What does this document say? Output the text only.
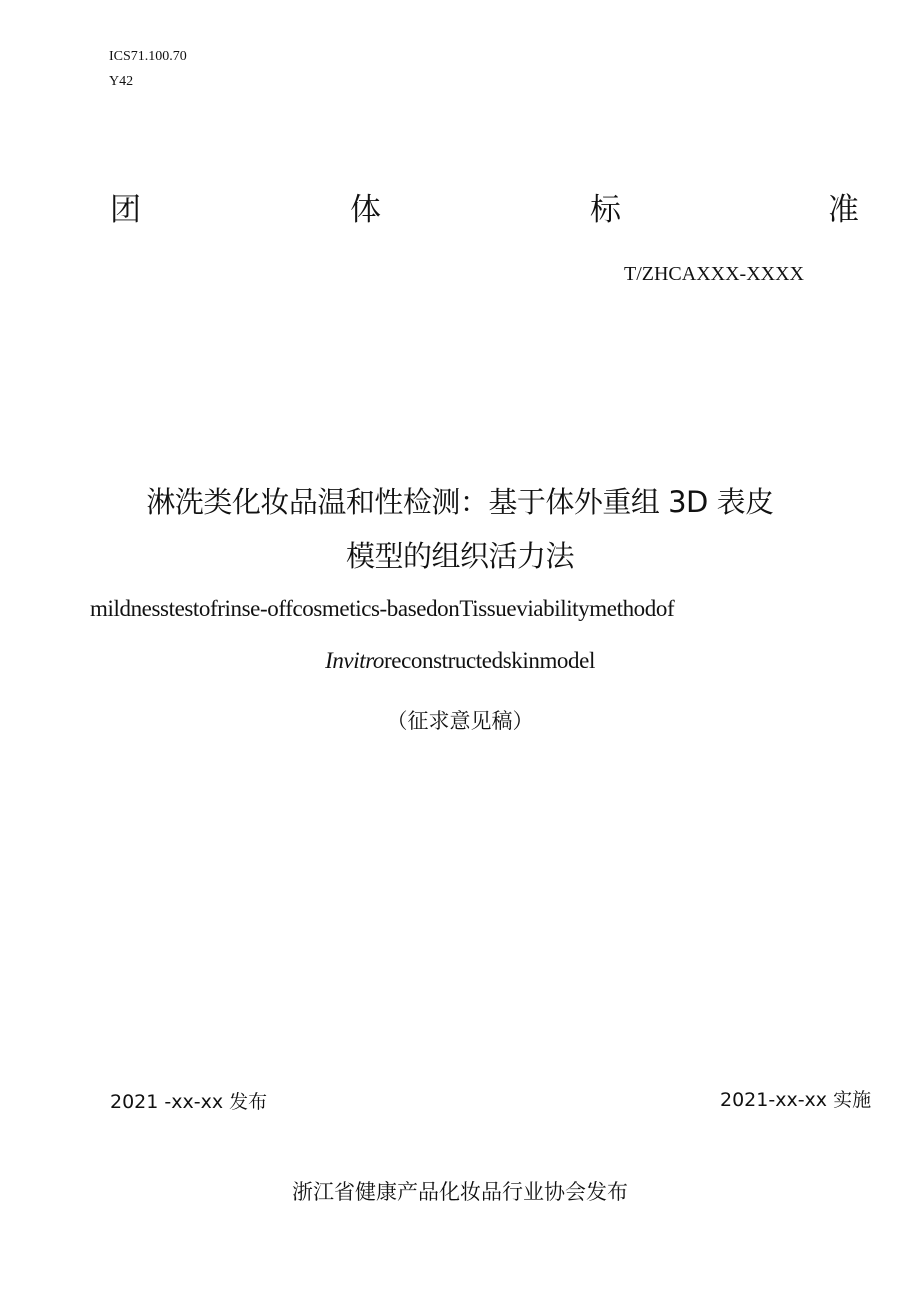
ICS71.100.70
Y42
团	体	标	准
T/ZHCAXXX-XXXX
淋洗类化妆品温和性检测：基于体外重组 3D 表皮
模型的组织活力法
mildnesstestofrinse-offcosmetics-basedonTissueviabilitymethodof
Invitroreconstructedskinmodel
（征求意见稿）
2021 -xx-xx 发布	2021-xx-xx 实施
浙江省健康产品化妆品行业协会发布
